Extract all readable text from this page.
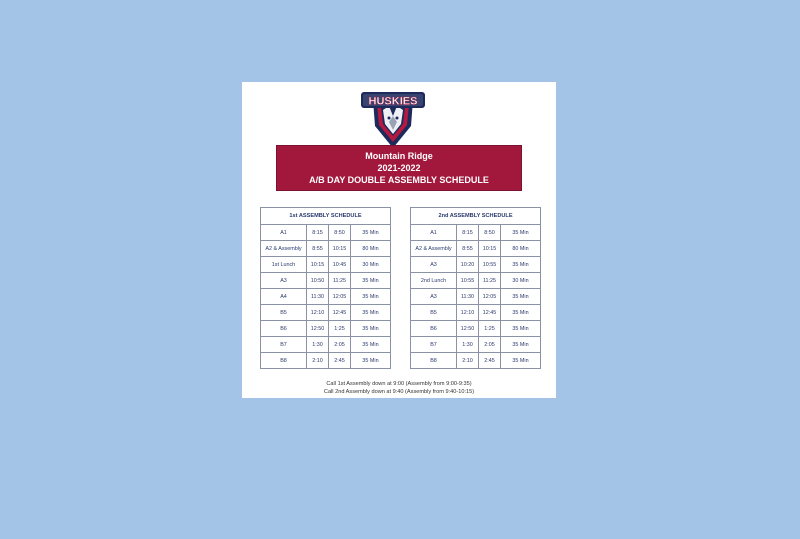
HUSKIES
Mountain Ridge
2021-2022
A/B DAY DOUBLE ASSEMBLY SCHEDULE
1st ASSEMBLY SCHEDULE			
A1	8:15	8:50	35 Min
A2 & Assembly	8:55	10:15	80 Min
1st Lunch	10:15	10:45	30 Min
A3	10:50	11:25	35 Min
A4	11:30	12:05	35 Min
B5	12:10	12:45	35 Min
B6	12:50	1:25	35 Min
B7	1:30	2:05	35 Min
B8	2:10	2:45	35 Min
2nd ASSEMBLY SCHEDULE			
A1	8:15	8:50	35 Min
A2 & Assembly	8:55	10:15	80 Min
A3	10:20	10:55	35 Min
2nd Lunch	10:55	11:25	30 Min
A3	11:30	12:05	35 Min
B5	12:10	12:45	35 Min
B6	12:50	1:25	35 Min
B7	1:30	2:05	35 Min
B8	2:10	2:45	35 Min
Call 1st Assembly down at 9:00 (Assembly from 9:00-9:35)
Call 2nd Assembly down at 9:40 (Assembly from 9:40-10:15)
